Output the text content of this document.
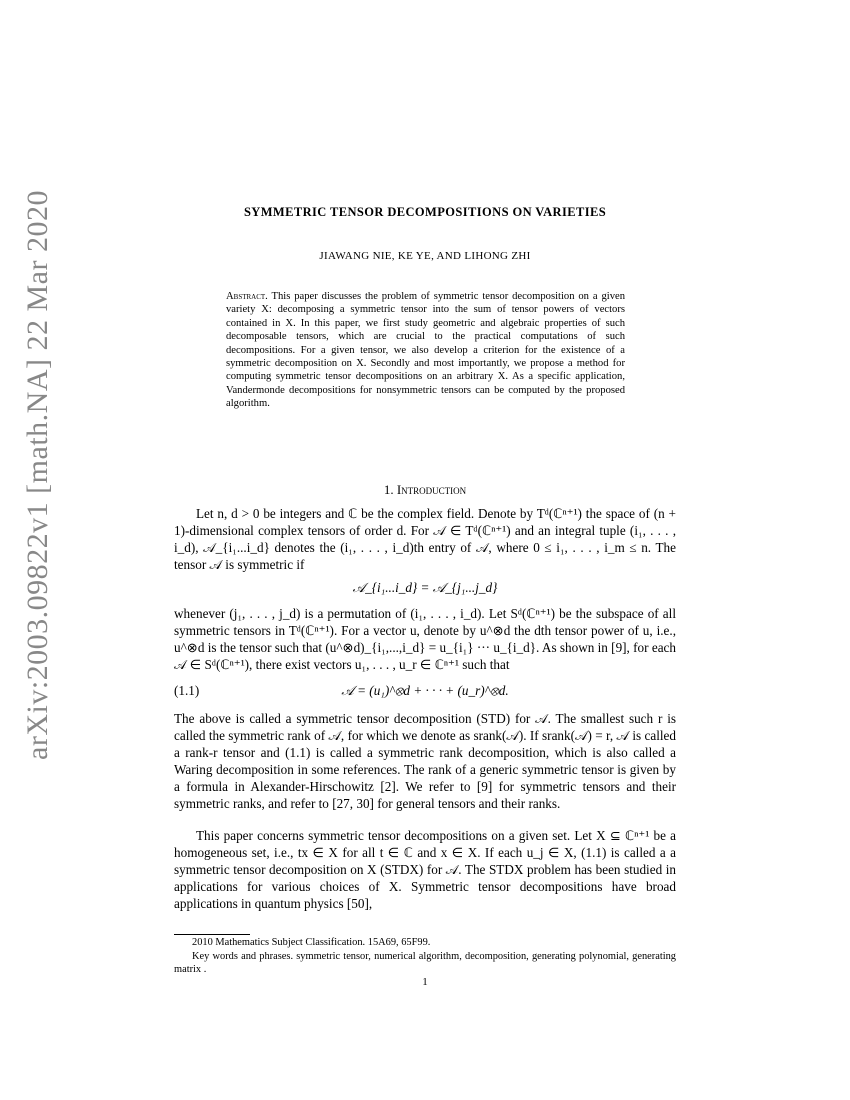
arXiv:2003.09822v1 [math.NA] 22 Mar 2020	SYMMETRIC TENSOR DECOMPOSITIONS ON VARIETIES
JIAWANG NIE, KE YE, AND LIHONG ZHI
Abstract. This paper discusses the problem of symmetric tensor decomposition on a given variety X: decomposing a symmetric tensor into the sum of tensor powers of vectors contained in X. In this paper, we first study geometric and algebraic properties of such decomposable tensors, which are crucial to the practical computations of such decompositions. For a given tensor, we also develop a criterion for the existence of a symmetric decomposition on X. Secondly and most importantly, we propose a method for computing symmetric tensor decompositions on an arbitrary X. As a specific application, Vandermonde decompositions for nonsymmetric tensors can be computed by the proposed algorithm.
1. Introduction
Let n, d > 0 be integers and ℂ be the complex field. Denote by Tᵈ(ℂⁿ⁺¹) the space of (n + 1)-dimensional complex tensors of order d. For 𝒜 ∈ Tᵈ(ℂⁿ⁺¹) and an integral tuple (i₁, . . . , i_d), 𝒜_{i₁...i_d} denotes the (i₁, . . . , i_d)th entry of 𝒜, where 0 ≤ i₁, . . . , i_m ≤ n. The tensor 𝒜 is symmetric if
𝒜_{i₁...i_d} = 𝒜_{j₁...j_d}
whenever (j₁, . . . , j_d) is a permutation of (i₁, . . . , i_d). Let Sᵈ(ℂⁿ⁺¹) be the subspace of all symmetric tensors in Tᵈ(ℂⁿ⁺¹). For a vector u, denote by u^⊗d the dth tensor power of u, i.e., u^⊗d is the tensor such that (u^⊗d)_{i₁,...,i_d} = u_{i₁} ··· u_{i_d}. As shown in [9], for each 𝒜 ∈ Sᵈ(ℂⁿ⁺¹), there exist vectors u₁, . . . , u_r ∈ ℂⁿ⁺¹ such that
(1.1)	𝒜 = (u₁)^⊗d + · · · + (u_r)^⊗d.
The above is called a symmetric tensor decomposition (STD) for 𝒜. The smallest such r is called the symmetric rank of 𝒜, for which we denote as srank(𝒜). If srank(𝒜) = r, 𝒜 is called a rank-r tensor and (1.1) is called a symmetric rank decomposition, which is also called a Waring decomposition in some references. The rank of a generic symmetric tensor is given by a formula in Alexander-Hirschowitz [2]. We refer to [9] for symmetric tensors and their symmetric ranks, and refer to [27, 30] for general tensors and their ranks.
This paper concerns symmetric tensor decompositions on a given set. Let X ⊆ ℂⁿ⁺¹ be a homogeneous set, i.e., tx ∈ X for all t ∈ ℂ and x ∈ X. If each u_j ∈ X, (1.1) is called a a symmetric tensor decomposition on X (STDX) for 𝒜. The STDX problem has been studied in applications for various choices of X. Symmetric tensor decompositions have broad applications in quantum physics [50],
2010 Mathematics Subject Classification. 15A69, 65F99.
Key words and phrases. symmetric tensor, numerical algorithm, decomposition, generating polynomial, generating matrix .
1
